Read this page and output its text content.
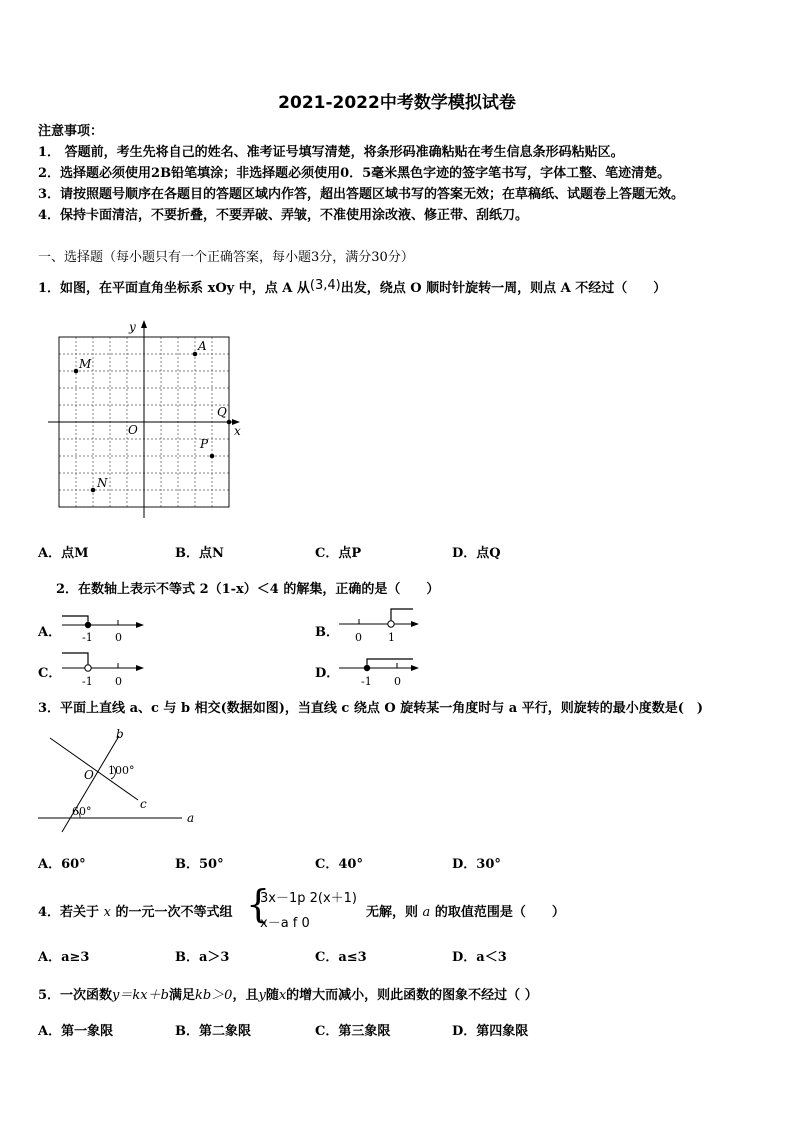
2021-2022中考数学模拟试卷
注意事项：
1． 答题前，考生先将自己的姓名、准考证号填写清楚，将条形码准确粘贴在考生信息条形码粘贴区。
2．选择题必须使用2B铅笔填涂；非选择题必须使用0．5毫米黑色字迹的签字笔书写，字体工整、笔迹清楚。
3．请按照题号顺序在各题目的答题区域内作答，超出答题区域书写的答案无效；在草稿纸、试题卷上答题无效。
4．保持卡面清洁，不要折叠，不要弄破、弄皱，不准使用涂改液、修正带、刮纸刀。
一、选择题（每小题只有一个正确答案，每小题3分，满分30分）
1．如图，在平面直角坐标系 xOy 中，点 A 从(3,4)出发，绕点 O 顺时针旋转一周，则点 A 不经过（　　）
x
y
O
A
M
Q
P
N
A．点M	B．点N	C．点P	D．点Q
2．在数轴上表示不等式 2（1-x）＜4 的解集，正确的是（　　）
A． -1 0	B． 0 1
C．
-1 0
D．
-1 0
3．平面上直线 a、c 与 b 相交(数据如图)，当直线 c 绕点 O 旋转某一角度时与 a 平行，则旋转的最小度数是(　)
a
b
c
O 100°
60°
A．60°	B．50°	C．40°	D．30°
4．若关于 x 的一元一次不等式组 {
3x－1p 2(x＋1)
x－a f 0
无解，则 a 的取值范围是（　　）
A．a≥3	B．a＞3	C．a≤3	D．a＜3
5．一次函数y＝kx＋b满足kb＞0，且y随x的增大而减小，则此函数的图象不经过（ ）
A．第一象限	B．第二象限	C．第三象限	D．第四象限
